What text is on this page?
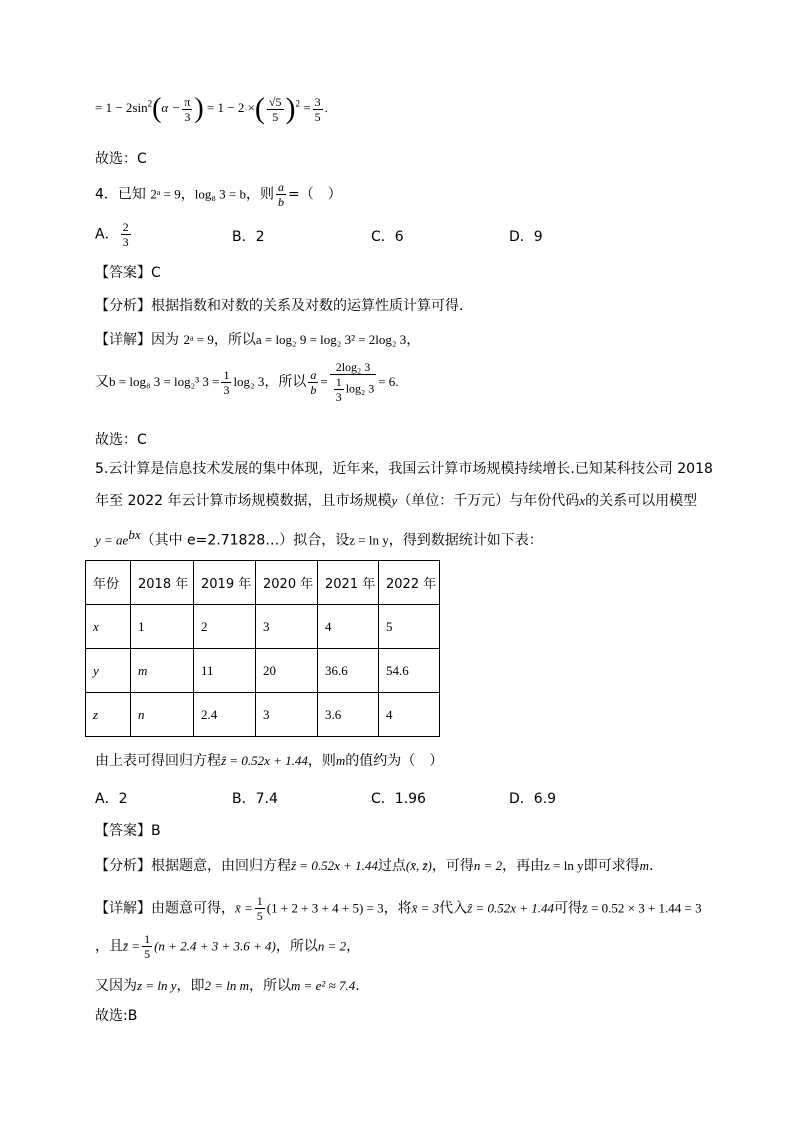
= $1 - 2\sin^2(\alpha - \frac{\pi}{3}$ ) = 1 − 2 ×( $\frac{√5}{5} )^2 = \frac{3}{5}$ .
故选：C
4．已知 2ᵃ = 9，log₈ 3 = b，则 $\frac{a}{b}$ =（　）
A． $\frac{2}{3}$	B．2	C．6	D．9
【答案】C
【分析】根据指数和对数的关系及对数的运算性质计算可得.
【详解】因为 2ᵃ = 9，所以a = log₂ 9 = log₂ 3² = 2log₂ 3，
又b = log₈ 3 = log₂³ $3 = \frac{1}{3} \log_2$ 3，所以 $\frac{a}{b} = \frac{\text{2log₂ 3}}{\frac{1}{3} \log_2 3} = 6$.
故选：C
5.云计算是信息技术发展的集中体现，近年来，我国云计算市场规模持续增长.已知某科技公司 2018
年至 2022 年云计算市场规模数据，且市场规模y（单位：千万元）与年份代码x的关系可以用模型
$y = ae^{bx}$（其中 e=2.71828…）拟合，设z = ln y，得到数据统计如下表：
年份	2018 年	2019 年	2020 年	2021 年	2022 年
x	1	2	3	4	5
y	m	11	20	36.6	54.6
z	n	2.4	3	3.6	4
由上表可得回归方程ẑ = 0.52x + 1.44，则m的值约为（　）
A．2	B．7.4	C．1.96	D．6.9
【答案】B
【分析】根据题意，由回归方程ẑ = 0.52x + 1.44过点(x̄, z̄)，可得n = 2，再由z = ln y即可求得m.
【详解】由题意可得，x̄ = $\frac{1}{5} (1 + 2 + 3 + 4 + 5) = 3$，将x̄ = 3代入ẑ = 0.52x + 1.44可得z̄ = 0.52 × 3 + 1.44 = 3
，且z̄ = $\frac{1}{5} (n + 2.4 + 3 + 3.6 + 4)$，所以n = 2，
又因为z = ln y，即2 = ln m，所以m = e² ≈ 7.4.
故选:B
